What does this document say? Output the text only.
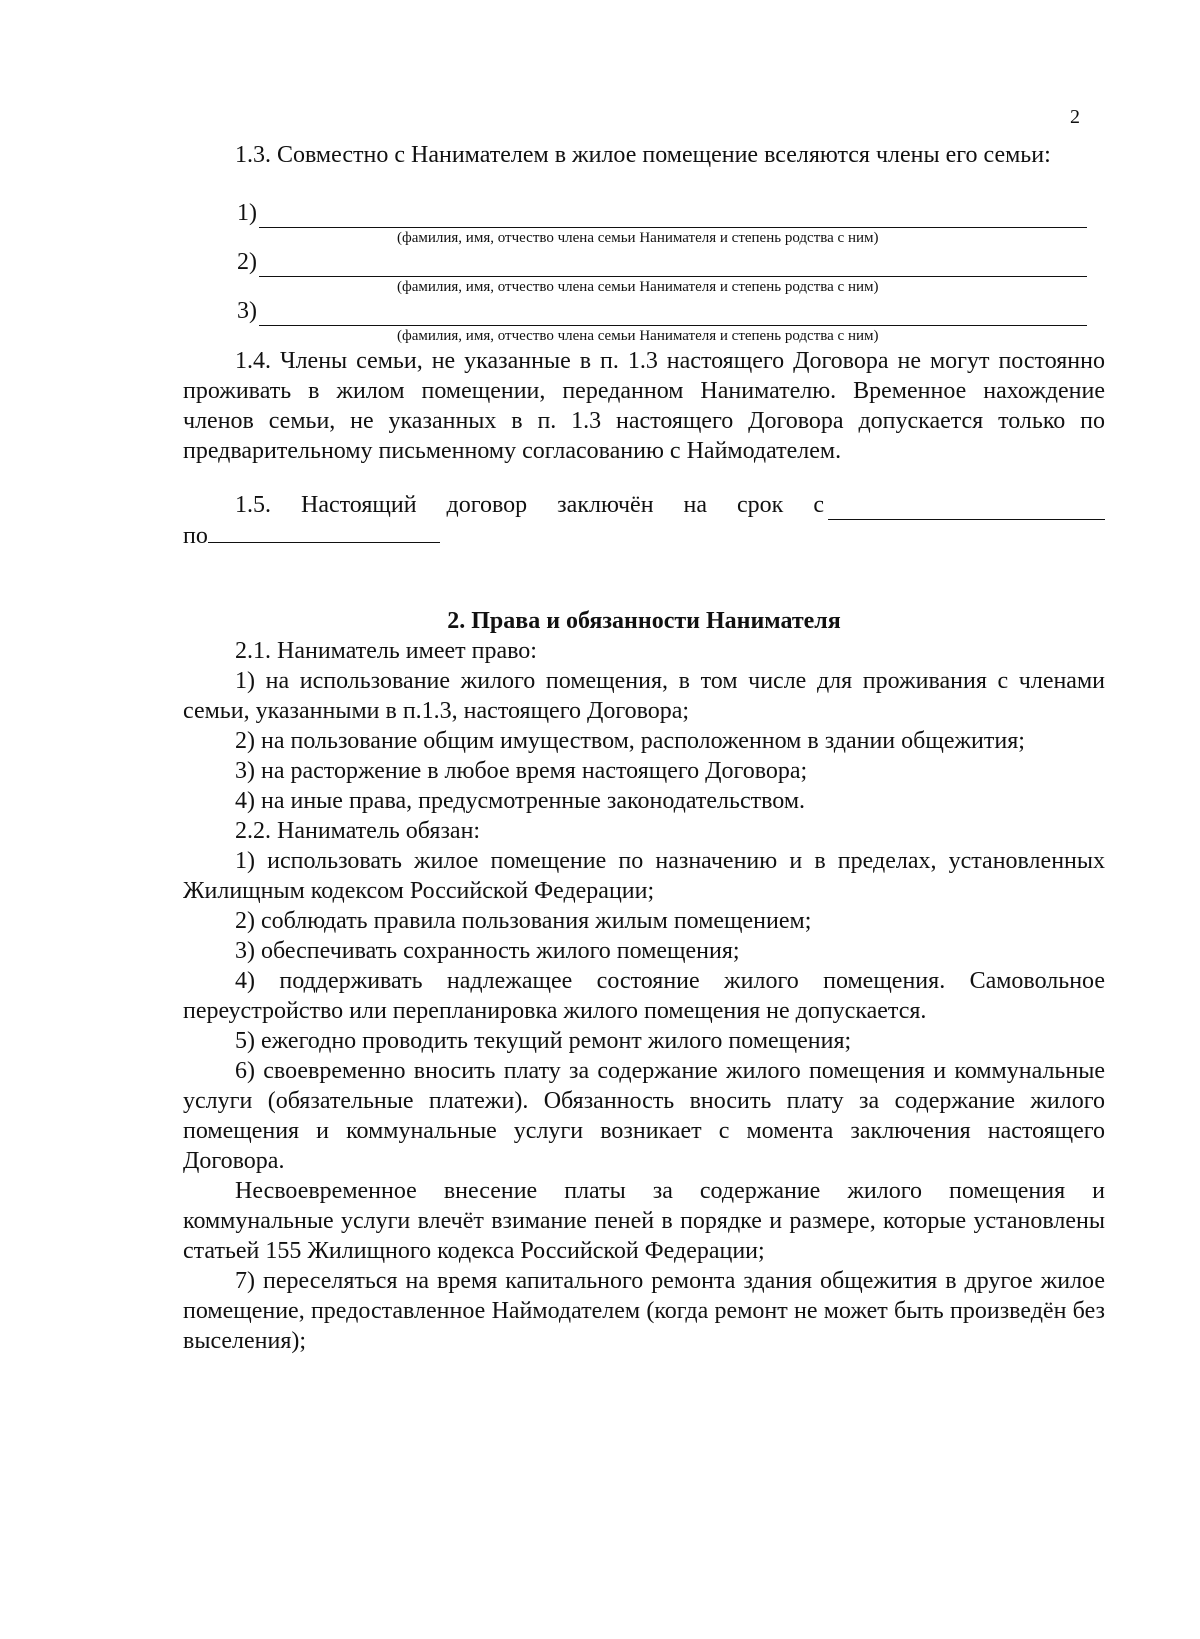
2

1.3. Совместно с Нанимателем в жилое помещение вселяются члены его семьи:

1)
(фамилия, имя, отчество члена семьи Нанимателя и степень родства с ним)
2)
(фамилия, имя, отчество члена семьи Нанимателя и степень родства с ним)
3)
(фамилия, имя, отчество члена семьи Нанимателя и степень родства с ним)

1.4. Члены семьи, не указанные в п. 1.3 настоящего Договора не могут постоянно проживать в жилом помещении, переданном Нанимателю. Временное нахождение членов семьи, не указанных в п. 1.3 настоящего Договора допускается только по предварительному письменному согласованию с Наймодателем.

1.5. Настоящий договор заключён на срок с
по
2. Права и обязанности Нанимателя

2.1. Наниматель имеет право:

1) на использование жилого помещения, в том числе для проживания с членами семьи, указанными в п.1.3, настоящего Договора;

2) на пользование общим имуществом, расположенном в здании общежития;

3) на расторжение в любое время настоящего Договора;

4) на иные права, предусмотренные законодательством.

2.2. Наниматель обязан:

1) использовать жилое помещение по назначению и в пределах, установленных Жилищным кодексом Российской Федерации;

2) соблюдать правила пользования жилым помещением;

3) обеспечивать сохранность жилого помещения;

4) поддерживать надлежащее состояние жилого помещения. Самовольное переустройство или перепланировка жилого помещения не допускается.

5) ежегодно проводить текущий ремонт жилого помещения;

6) своевременно вносить плату за содержание жилого помещения и коммунальные услуги (обязательные платежи). Обязанность вносить плату за содержание жилого помещения и коммунальные услуги возникает с момента заключения настоящего Договора.

Несвоевременное внесение платы за содержание жилого помещения и коммунальные услуги влечёт взимание пеней в порядке и размере, которые установлены статьей 155 Жилищного кодекса Российской Федерации;

7) переселяться на время капитального ремонта здания общежития в другое жилое помещение, предоставленное Наймодателем (когда ремонт не может быть произведён без выселения);
